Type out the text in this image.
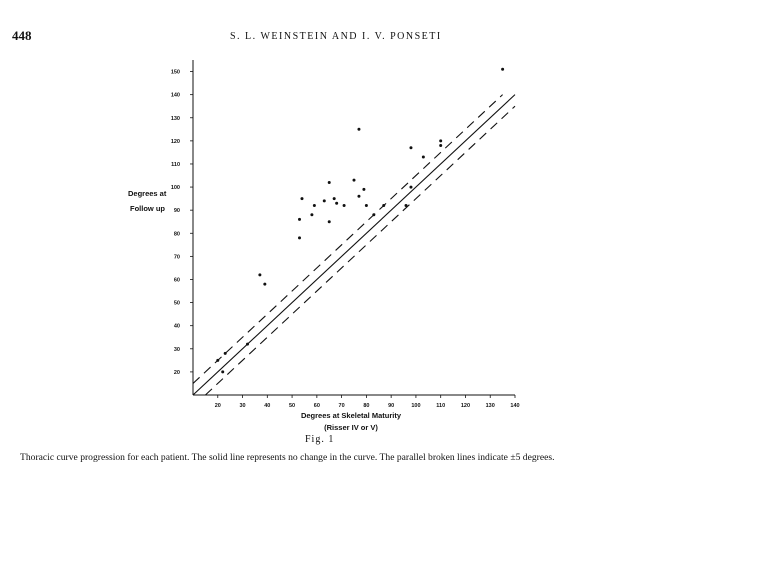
448	S. L. WEINSTEIN AND I. V. PONSETI
20	30	40	50	60	70	80	90	100	110	120	130	140
20
30
40
50
60
70
80
90
100
110
120
130
140
150
Degrees at
Follow up
Degrees at Skeletal Maturity
(Risser IV or V)
Fig. 1
Thoracic curve progression for each patient. The solid line represents no change in the curve. The parallel broken lines indicate ±5 degrees.
